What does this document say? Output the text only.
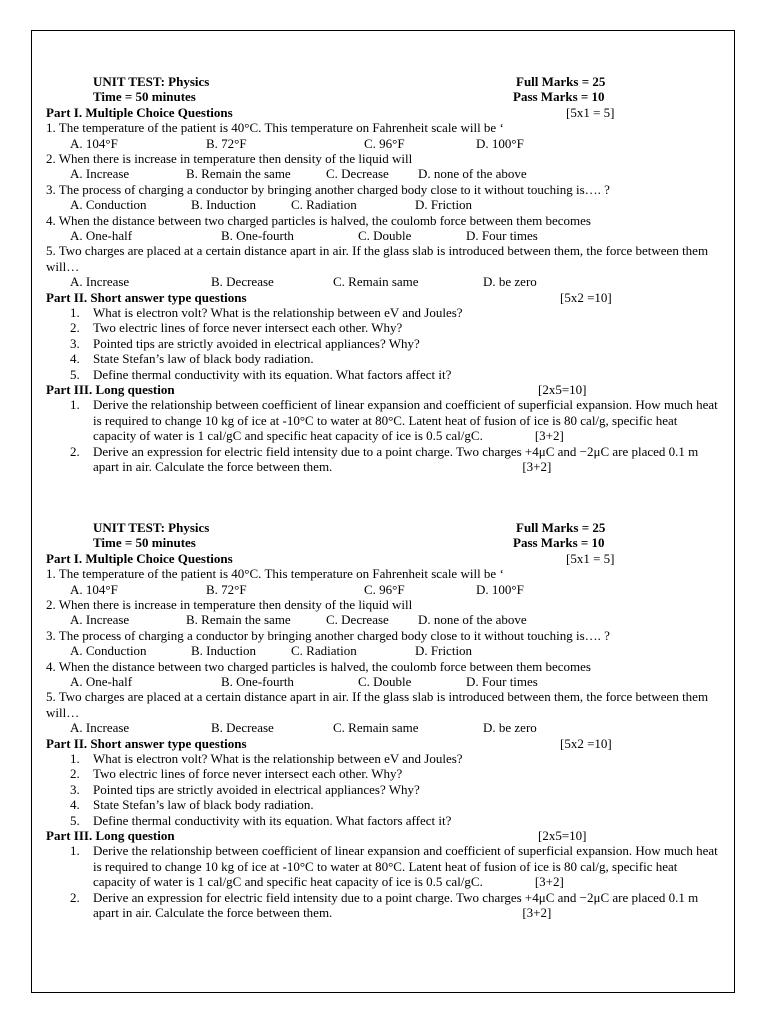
UNIT TEST: Physics	Full Marks = 25
Time = 50 minutes	Pass Marks = 10
Part I. Multiple Choice Questions	[5x1 = 5]
1. The temperature of the patient is 40°C. This temperature on Fahrenheit scale will be ‘
A. 104°F	B. 72°F	C. 96°F	D. 100°F
2. When there is increase in temperature then density of the liquid will
A. Increase	B. Remain the same	C. Decrease D. none of the above
3. The process of charging a conductor by bringing another charged body close to it without touching is…. ?
A. Conduction	B. Induction	C. Radiation	D. Friction
4. When the distance between two charged particles is halved, the coulomb force between them becomes
A. One-half	B. One-fourth	C. Double	D. Four times
5. Two charges are placed at a certain distance apart in air. If the glass slab is introduced between them, the force between them will…
A. Increase	B. Decrease	C. Remain same	D. be zero
Part II. Short answer type questions	[5x2 =10]
1. What is electron volt? What is the relationship between eV and Joules?
2. Two electric lines of force never intersect each other. Why?
3. Pointed tips are strictly avoided in electrical appliances? Why?
4. State Stefan’s law of black body radiation.
5. Define thermal conductivity with its equation. What factors affect it?
Part III. Long question	[2x5=10]
1. Derive the relationship between coefficient of linear expansion and coefficient of superficial expansion. How much heat is required to change 10 kg of ice at -10°C to water at 80°C. Latent heat of fusion of ice is 80 cal/g, specific heat capacity of water is 1 cal/gC and specific heat capacity of ice is 0.5 cal/gC.	[3+2]
2. Derive an expression for electric field intensity due to a point charge. Two charges +4μC and −2μC are placed 0.1 m apart in air. Calculate the force between them.	[3+2]
UNIT TEST: Physics	Full Marks = 25
Time = 50 minutes	Pass Marks = 10
Part I. Multiple Choice Questions	[5x1 = 5]
1. The temperature of the patient is 40°C. This temperature on Fahrenheit scale will be ‘
A. 104°F	B. 72°F	C. 96°F	D. 100°F
2. When there is increase in temperature then density of the liquid will
A. Increase	B. Remain the same	C. Decrease D. none of the above
3. The process of charging a conductor by bringing another charged body close to it without touching is…. ?
A. Conduction	B. Induction	C. Radiation	D. Friction
4. When the distance between two charged particles is halved, the coulomb force between them becomes
A. One-half	B. One-fourth	C. Double	D. Four times
5. Two charges are placed at a certain distance apart in air. If the glass slab is introduced between them, the force between them will…
A. Increase	B. Decrease	C. Remain same	D. be zero
Part II. Short answer type questions	[5x2 =10]
1. What is electron volt? What is the relationship between eV and Joules?
2. Two electric lines of force never intersect each other. Why?
3. Pointed tips are strictly avoided in electrical appliances? Why?
4. State Stefan’s law of black body radiation.
5. Define thermal conductivity with its equation. What factors affect it?
Part III. Long question	[2x5=10]
1. Derive the relationship between coefficient of linear expansion and coefficient of superficial expansion. How much heat is required to change 10 kg of ice at -10°C to water at 80°C. Latent heat of fusion of ice is 80 cal/g, specific heat capacity of water is 1 cal/gC and specific heat capacity of ice is 0.5 cal/gC.	[3+2]
2. Derive an expression for electric field intensity due to a point charge. Two charges +4μC and −2μC are placed 0.1 m apart in air. Calculate the force between them.	[3+2]
